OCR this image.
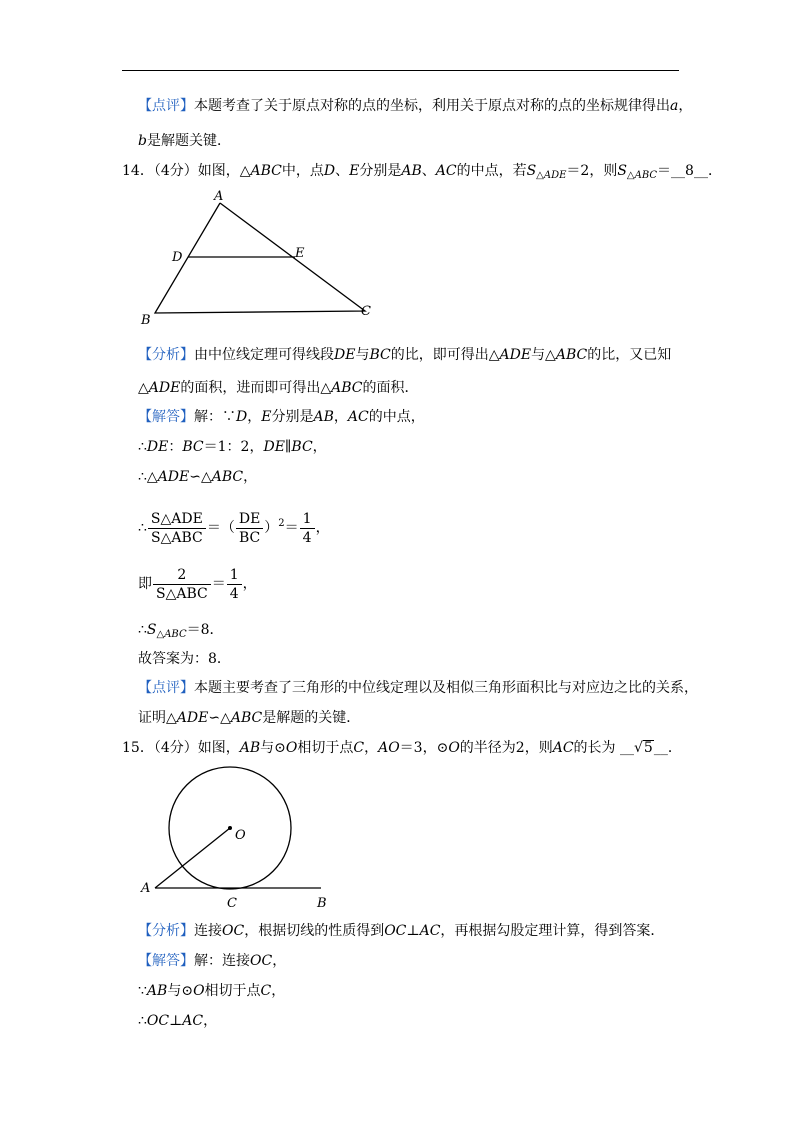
【点评】本题考查了关于原点对称的点的坐标，利用关于原点对称的点的坐标规律得出a，
b是解题关键．
14．（4分）如图，△ABC中，点D、E分别是AB、AC的中点，若$S_{\triangle ADE}=2$，则$S_{\triangle ABC}=\_\_8\_\_$．
A
D	E
B
C
【分析】由中位线定理可得线段DE与BC的比，即可得出△ADE与△ABC的比，又已知
△ADE的面积，进而即可得出△ABC的面积．
【解答】解：∵D，E分别是AB，AC的中点，
∴DE：BC＝1：2，DE∥BC，
∴△ADE∽△ABC，
∴ $\frac{\text{S△ADE}}{\text{S△ABC}}$ ＝（ $\frac{DE}{BC} )^2= \frac{1}{4}$ ，
即 $\frac{2}{\text{S△ABC}} = \frac{1}{4}$ ，
$\therefore S_{\triangle ABC}=8$．
故答案为：8．
【点评】本题主要考查了三角形的中位线定理以及相似三角形面积比与对应边之比的关系，
证明△ADE∽△ABC是解题的关键．
15．（4分）如图，AB与⊙O相切于点C，AO＝3，⊙O的半径为2，则AC的长为 __√5__．
O
A
C	B
【分析】连接OC，根据切线的性质得到OC⊥AC，再根据勾股定理计算，得到答案．
【解答】解：连接OC，
∵AB与⊙O相切于点C，
∴OC⊥AC，
